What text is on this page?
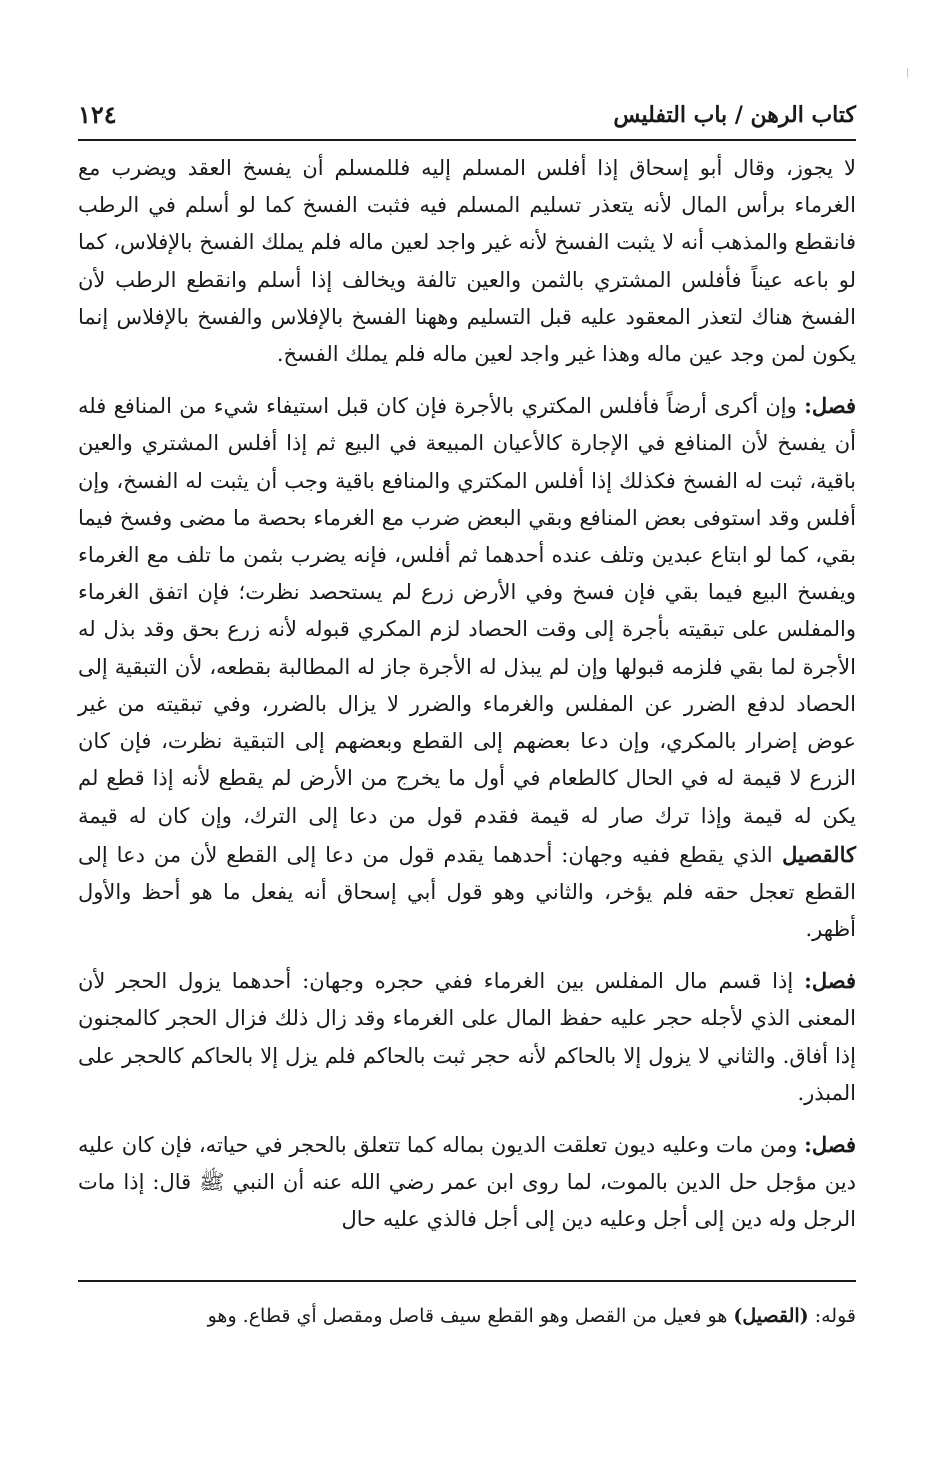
كتاب الرهن / باب التفليس
١٢٤

لا يجوز، وقال أبو إسحاق إذا أفلس المسلم إليه فللمسلم أن يفسخ العقد ويضرب مع الغرماء برأس المال لأنه يتعذر تسليم المسلم فيه فثبت الفسخ كما لو أسلم في الرطب فانقطع والمذهب أنه لا يثبت الفسخ لأنه غير واجد لعين ماله فلم يملك الفسخ بالإفلاس، كما لو باعه عيناً فأفلس المشتري بالثمن والعين تالفة ويخالف إذا أسلم وانقطع الرطب لأن الفسخ هناك لتعذر المعقود عليه قبل التسليم وههنا الفسخ بالإفلاس والفسخ بالإفلاس إنما يكون لمن وجد عين ماله وهذا غير واجد لعين ماله فلم يملك الفسخ.

فصل: وإن أكرى أرضاً فأفلس المكتري بالأجرة فإن كان قبل استيفاء شيء من المنافع فله أن يفسخ لأن المنافع في الإجارة كالأعيان المبيعة في البيع ثم إذا أفلس المشتري والعين باقية، ثبت له الفسخ فكذلك إذا أفلس المكتري والمنافع باقية وجب أن يثبت له الفسخ، وإن أفلس وقد استوفى بعض المنافع وبقي البعض ضرب مع الغرماء بحصة ما مضى وفسخ فيما بقي، كما لو ابتاع عبدين وتلف عنده أحدهما ثم أفلس، فإنه يضرب بثمن ما تلف مع الغرماء ويفسخ البيع فيما بقي فإن فسخ وفي الأرض زرع لم يستحصد نظرت؛ فإن اتفق الغرماء والمفلس على تبقيته بأجرة إلى وقت الحصاد لزم المكري قبوله لأنه زرع بحق وقد بذل له الأجرة لما بقي فلزمه قبولها وإن لم يبذل له الأجرة جاز له المطالبة بقطعه، لأن التبقية إلى الحصاد لدفع الضرر عن المفلس والغرماء والضرر لا يزال بالضرر، وفي تبقيته من غير عوض إضرار بالمكري، وإن دعا بعضهم إلى القطع وبعضهم إلى التبقية نظرت، فإن كان الزرع لا قيمة له في الحال كالطعام في أول ما يخرج من الأرض لم يقطع لأنه إذا قطع لم يكن له قيمة وإذا ترك صار له قيمة فقدم قول من دعا إلى الترك، وإن كان له قيمة كالقصيل الذي يقطع ففيه وجهان: أحدهما يقدم قول من دعا إلى القطع لأن من دعا إلى القطع تعجل حقه فلم يؤخر، والثاني وهو قول أبي إسحاق أنه يفعل ما هو أحظ والأول أظهر.

فصل: إذا قسم مال المفلس بين الغرماء ففي حجره وجهان: أحدهما يزول الحجر لأن المعنى الذي لأجله حجر عليه حفظ المال على الغرماء وقد زال ذلك فزال الحجر كالمجنون إذا أفاق. والثاني لا يزول إلا بالحاكم لأنه حجر ثبت بالحاكم فلم يزل إلا بالحاكم كالحجر على المبذر.

فصل: ومن مات وعليه ديون تعلقت الديون بماله كما تتعلق بالحجر في حياته، فإن كان عليه دين مؤجل حل الدين بالموت، لما روى ابن عمر رضي الله عنه أن النبي ﷺ قال: إذا مات الرجل وله دين إلى أجل وعليه دين إلى أجل فالذي عليه حال

قوله: (القصيل) هو فعيل من القصل وهو القطع سيف قاصل ومقصل أي قطاع. وهو
